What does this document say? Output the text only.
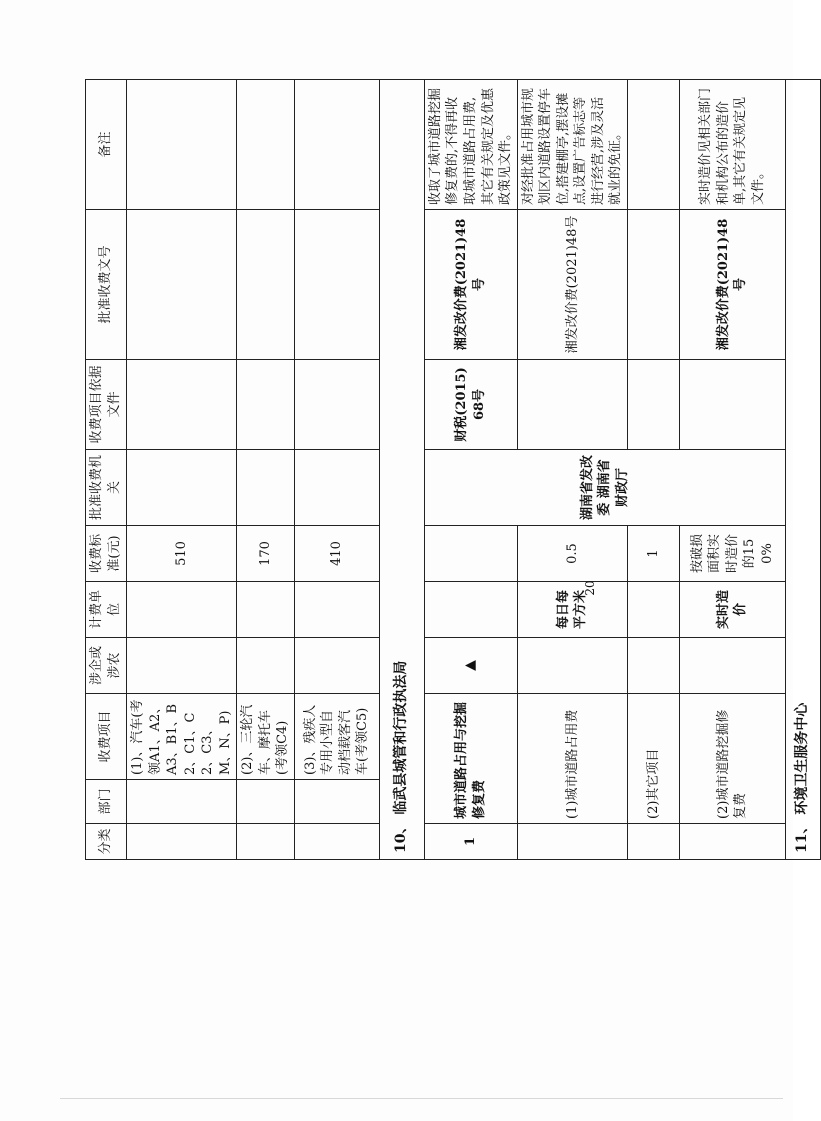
分类	部门	收费项目	涉企或涉农	计费单位	收费标准(元)	批准收费机关	收费项目依据文件	批准收费文号	备注
		(1)、汽车(考领A1、A2、A3、B1、B2、C1、C2、C3、M、N、P)			510				
		(2)、三轮汽车、摩托车(考领C4)			170				
		(3)、残疾人专用小型自动档载客汽车(考领C5)			410				
10、 临武县城管和行政执法局									
1	城市道路占用与挖掘修复费		▲			湖南省发改委 湖南省财政厅	财税(2015)68号	湘发改价费(2021)48号	收取了城市道路挖掘修复费的,不得再收取城市道路占用费,其它有关规定及优惠政策见文件。
	(1)城市道路占用费			每日每平方米	0.5			湘发改价费(2021)48号	对经批准占用城市规划区内道路设置停车位,搭建棚亭,摆设摊点,设置广告标志等进行经营,涉及灵活就业的免征。
	(2)其它项目				1				
	(2)城市道路挖掘修复费			实时造价	按破损面积实时造价的150%			湘发改价费(2021)48号	实时造价见相关部门和机构公布的造价单,其它有关规定见文件。
11、 环境卫生服务中心									
20
